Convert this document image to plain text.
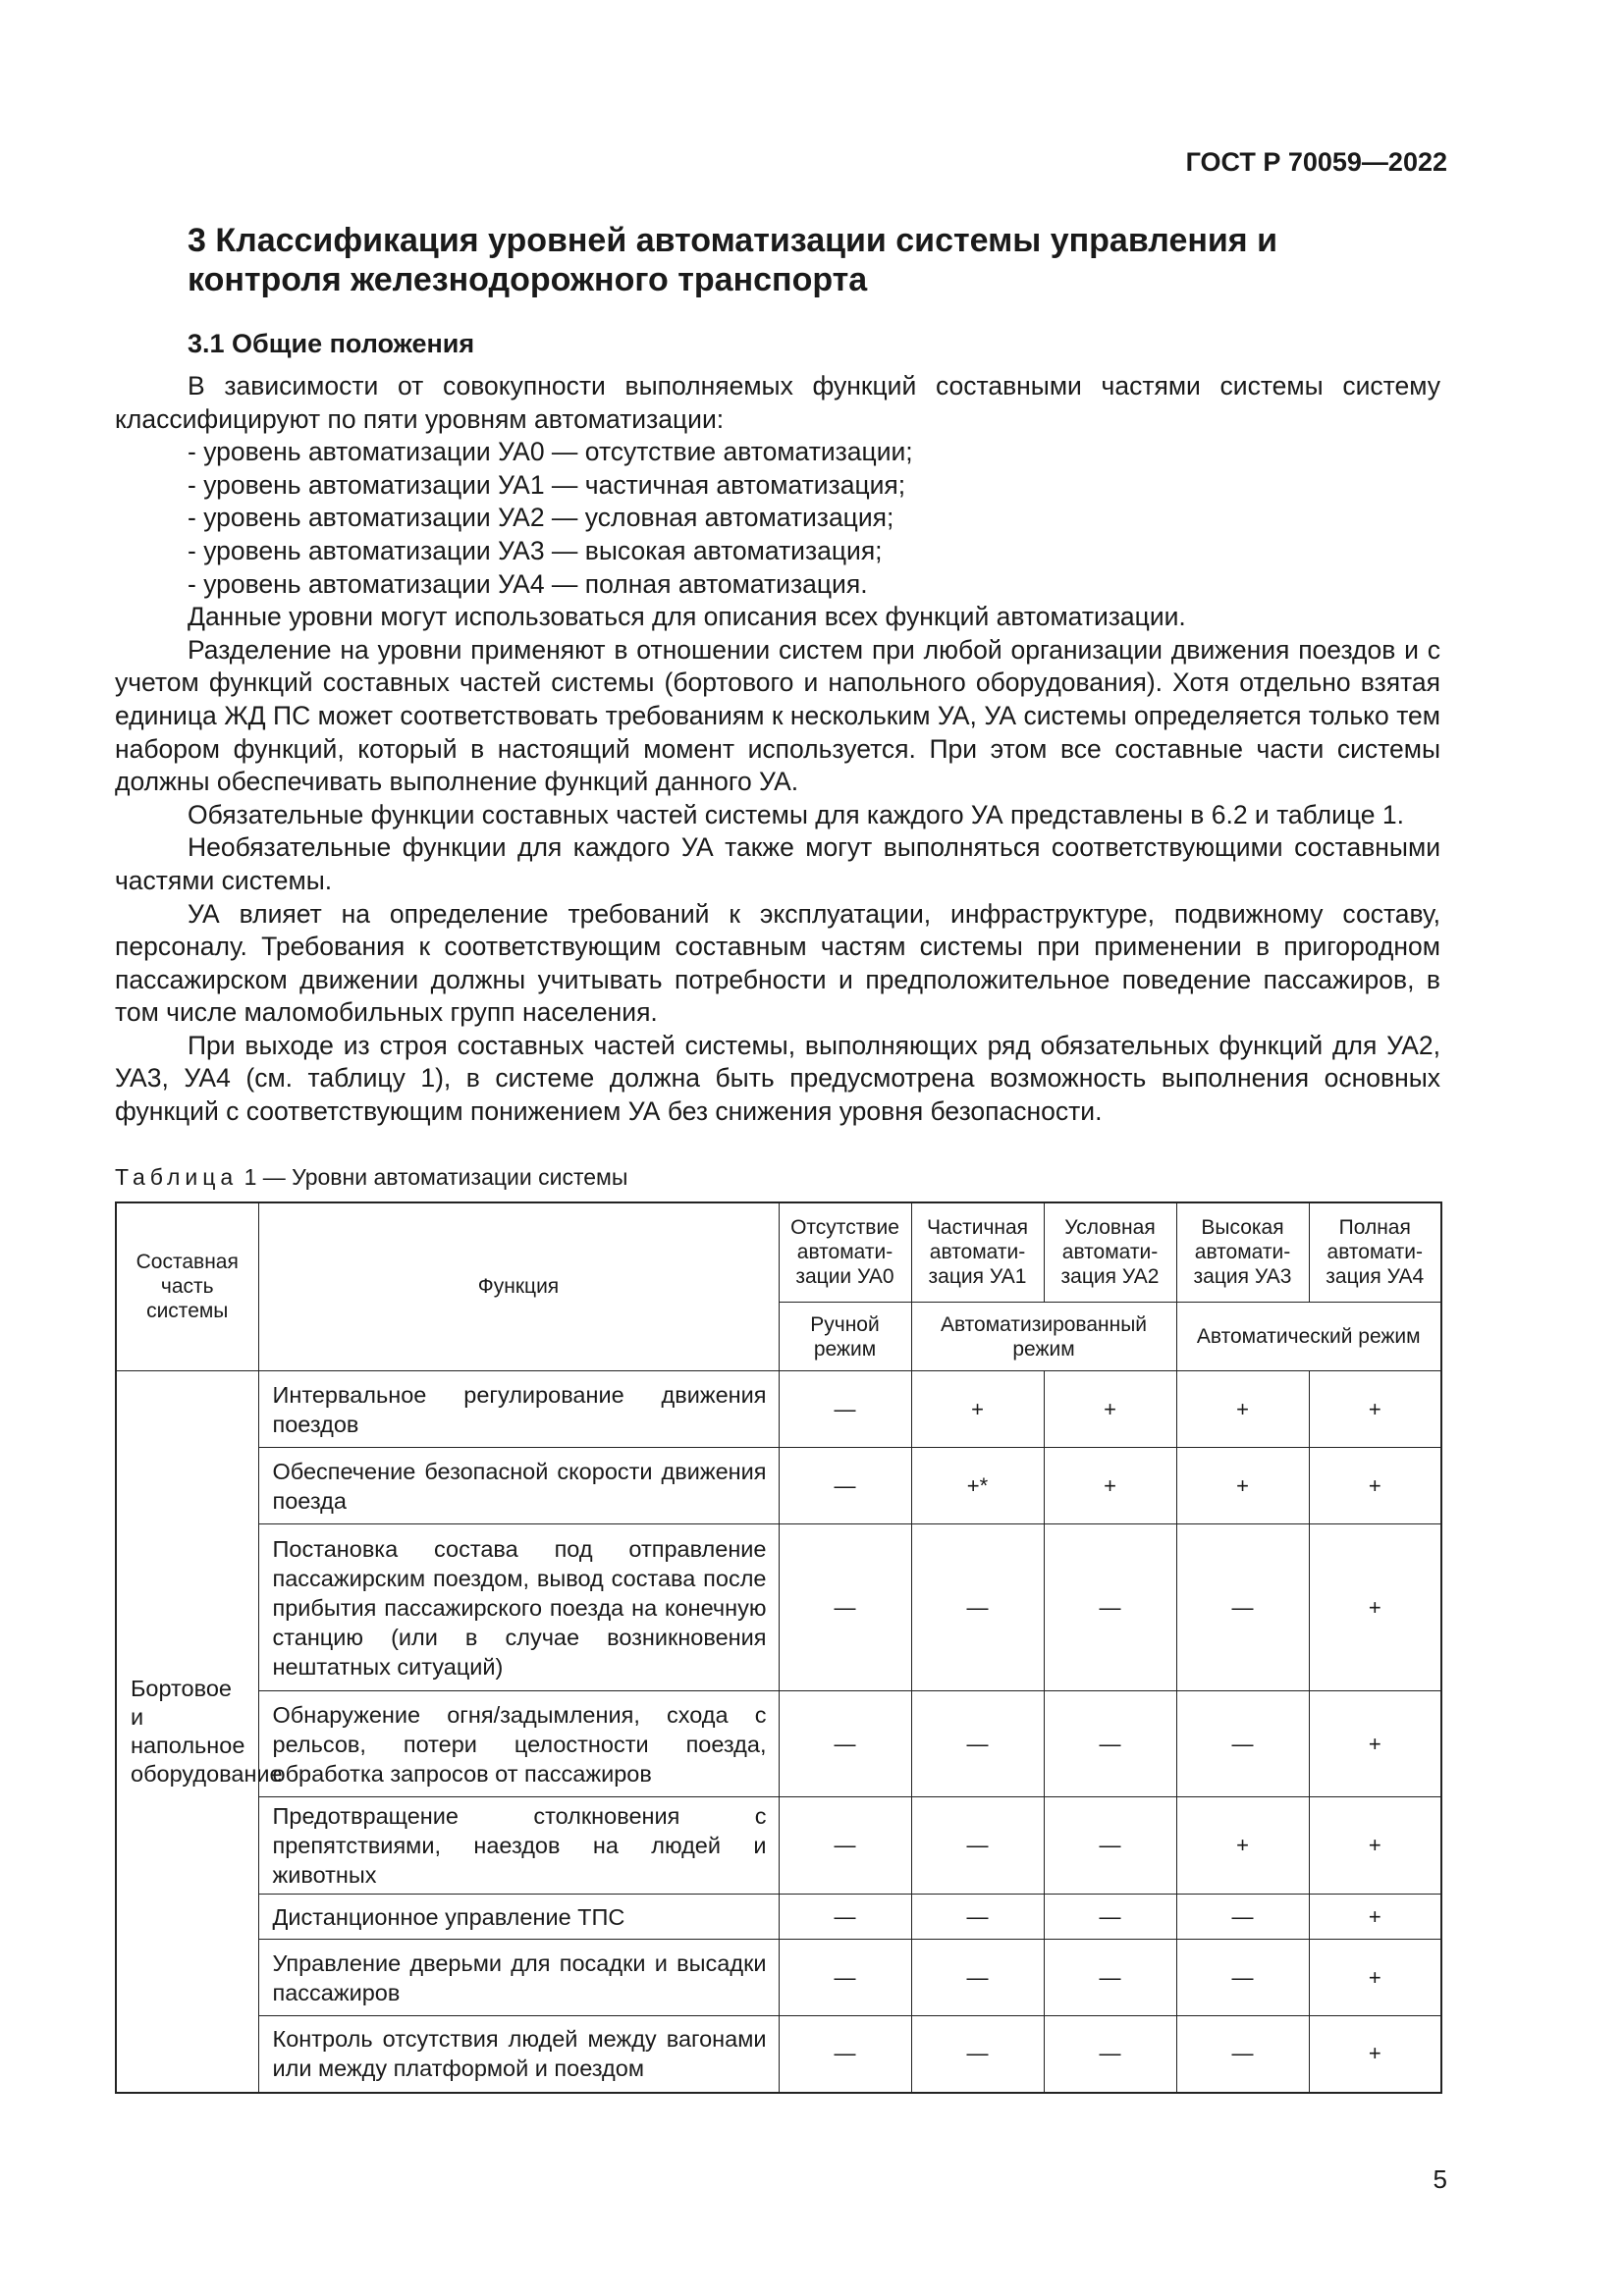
ГОСТ Р 70059—2022
3 Классификация уровней автоматизации системы управления и контроля железнодорожного транспорта
3.1 Общие положения

В зависимости от совокупности выполняемых функций составными частями системы систему классифицируют по пяти уровням автоматизации:

- уровень автоматизации УА0 — отсутствие автоматизации;
- уровень автоматизации УА1 — частичная автоматизация;
- уровень автоматизации УА2 — условная автоматизация;
- уровень автоматизации УА3 — высокая автоматизация;
- уровень автоматизации УА4 — полная автоматизация.

Данные уровни могут использоваться для описания всех функций автоматизации.

Разделение на уровни применяют в отношении систем при любой организации движения поездов и с учетом функций составных частей системы (бортового и напольного оборудования). Хотя отдельно взятая единица ЖД ПС может соответствовать требованиям к нескольким УА, УА системы определяется только тем набором функций, который в настоящий момент используется. При этом все составные части системы должны обеспечивать выполнение функций данного УА.

Обязательные функции составных частей системы для каждого УА представлены в 6.2 и таблице 1.

Необязательные функции для каждого УА также могут выполняться соответствующими составными частями системы.

УА влияет на определение требований к эксплуатации, инфраструктуре, подвижному составу, персоналу. Требования к соответствующим составным частям системы при применении в пригородном пассажирском движении должны учитывать потребности и предположительное поведение пассажиров, в том числе маломобильных групп населения.

При выходе из строя составных частей системы, выполняющих ряд обязательных функций для УА2, УА3, УА4 (см. таблицу 1), в системе должна быть предусмотрена возможность выполнения основных функций с соответствующим понижением УА без снижения уровня безопасности.

Таблица 1 — Уровни автоматизации системы
Составная часть системы	Функция	Отсутствие автомати-зации УА0	Частичная автомати-зация УА1	Условная автомати-зация УА2	Высокая автомати-зация УА3	Полная автомати-зация УА4
		Ручной режим	Автоматизированный режим		Автоматический режим	
Бортовое и напольное оборудование	Интервальное регулирование движения поездов	—	+	+	+	+
	Обеспечение безопасной скорости движения поезда	—	+*	+	+	+
	Постановка состава под отправление пассажирским поездом, вывод состава после прибытия пассажирского поезда на конечную станцию (или в случае возникновения нештатных ситуаций)	—	—	—	—	+
	Обнаружение огня/задымления, схода с рельсов, потери целостности поезда, обработка запросов от пассажиров	—	—	—	—	+
	Предотвращение столкновения с препятствиями, наездов на людей и животных	—	—	—	+	+
	Дистанционное управление ТПС	—	—	—	—	+
	Управление дверьми для посадки и высадки пассажиров	—	—	—	—	+
	Контроль отсутствия людей между вагонами или между платформой и поездом	—	—	—	—	+
5
